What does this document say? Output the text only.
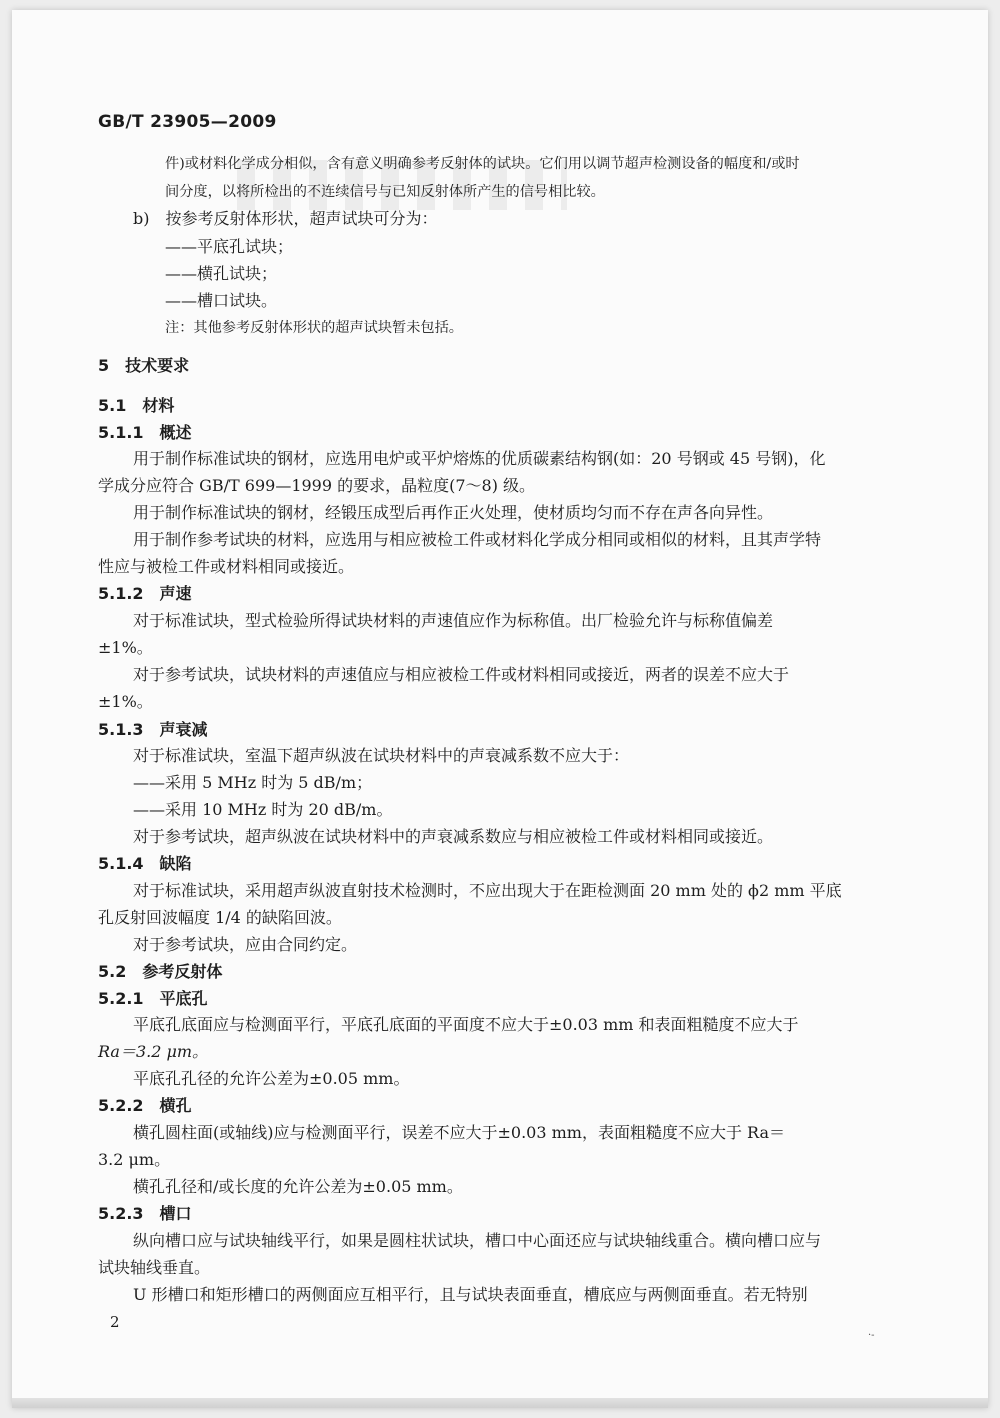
GB/T 23905—2009
件)或材料化学成分相似，含有意义明确参考反射体的试块。它们用以调节超声检测设备的幅度和/或时
间分度，以将所检出的不连续信号与已知反射体所产生的信号相比较。
b)　按参考反射体形状，超声试块可分为：
——平底孔试块；
——横孔试块；
——槽口试块。
注：其他参考反射体形状的超声试块暂未包括。
5　技术要求
5.1　材料
5.1.1　概述
用于制作标准试块的钢材，应选用电炉或平炉熔炼的优质碳素结构钢(如：20 号钢或 45 号钢)，化
学成分应符合 GB/T 699—1999 的要求，晶粒度(7～8) 级。
用于制作标准试块的钢材，经锻压成型后再作正火处理，使材质均匀而不存在声各向异性。
用于制作参考试块的材料，应选用与相应被检工件或材料化学成分相同或相似的材料，且其声学特
性应与被检工件或材料相同或接近。
5.1.2　声速
对于标准试块，型式检验所得试块材料的声速值应作为标称值。出厂检验允许与标称值偏差
±1%。
对于参考试块，试块材料的声速值应与相应被检工件或材料相同或接近，两者的误差不应大于
±1%。
5.1.3　声衰减
对于标准试块，室温下超声纵波在试块材料中的声衰减系数不应大于：
——采用 5 MHz 时为 5 dB/m；
——采用 10 MHz 时为 20 dB/m。
对于参考试块，超声纵波在试块材料中的声衰减系数应与相应被检工件或材料相同或接近。
5.1.4　缺陷
对于标准试块，采用超声纵波直射技术检测时，不应出现大于在距检测面 20 mm 处的 ϕ2 mm 平底
孔反射回波幅度 1/4 的缺陷回波。
对于参考试块，应由合同约定。
5.2　参考反射体
5.2.1　平底孔
平底孔底面应与检测面平行，平底孔底面的平面度不应大于±0.03 mm 和表面粗糙度不应大于
Ra＝3.2 μm。
平底孔孔径的允许公差为±0.05 mm。
5.2.2　横孔
横孔圆柱面(或轴线)应与检测面平行，误差不应大于±0.03 mm，表面粗糙度不应大于 Ra＝
3.2 μm。
横孔孔径和/或长度的允许公差为±0.05 mm。
5.2.3　槽口
纵向槽口应与试块轴线平行，如果是圆柱状试块，槽口中心面还应与试块轴线重合。横向槽口应与
试块轴线垂直。
U 形槽口和矩形槽口的两侧面应互相平行，且与试块表面垂直，槽底应与两侧面垂直。若无特别
2
·-
